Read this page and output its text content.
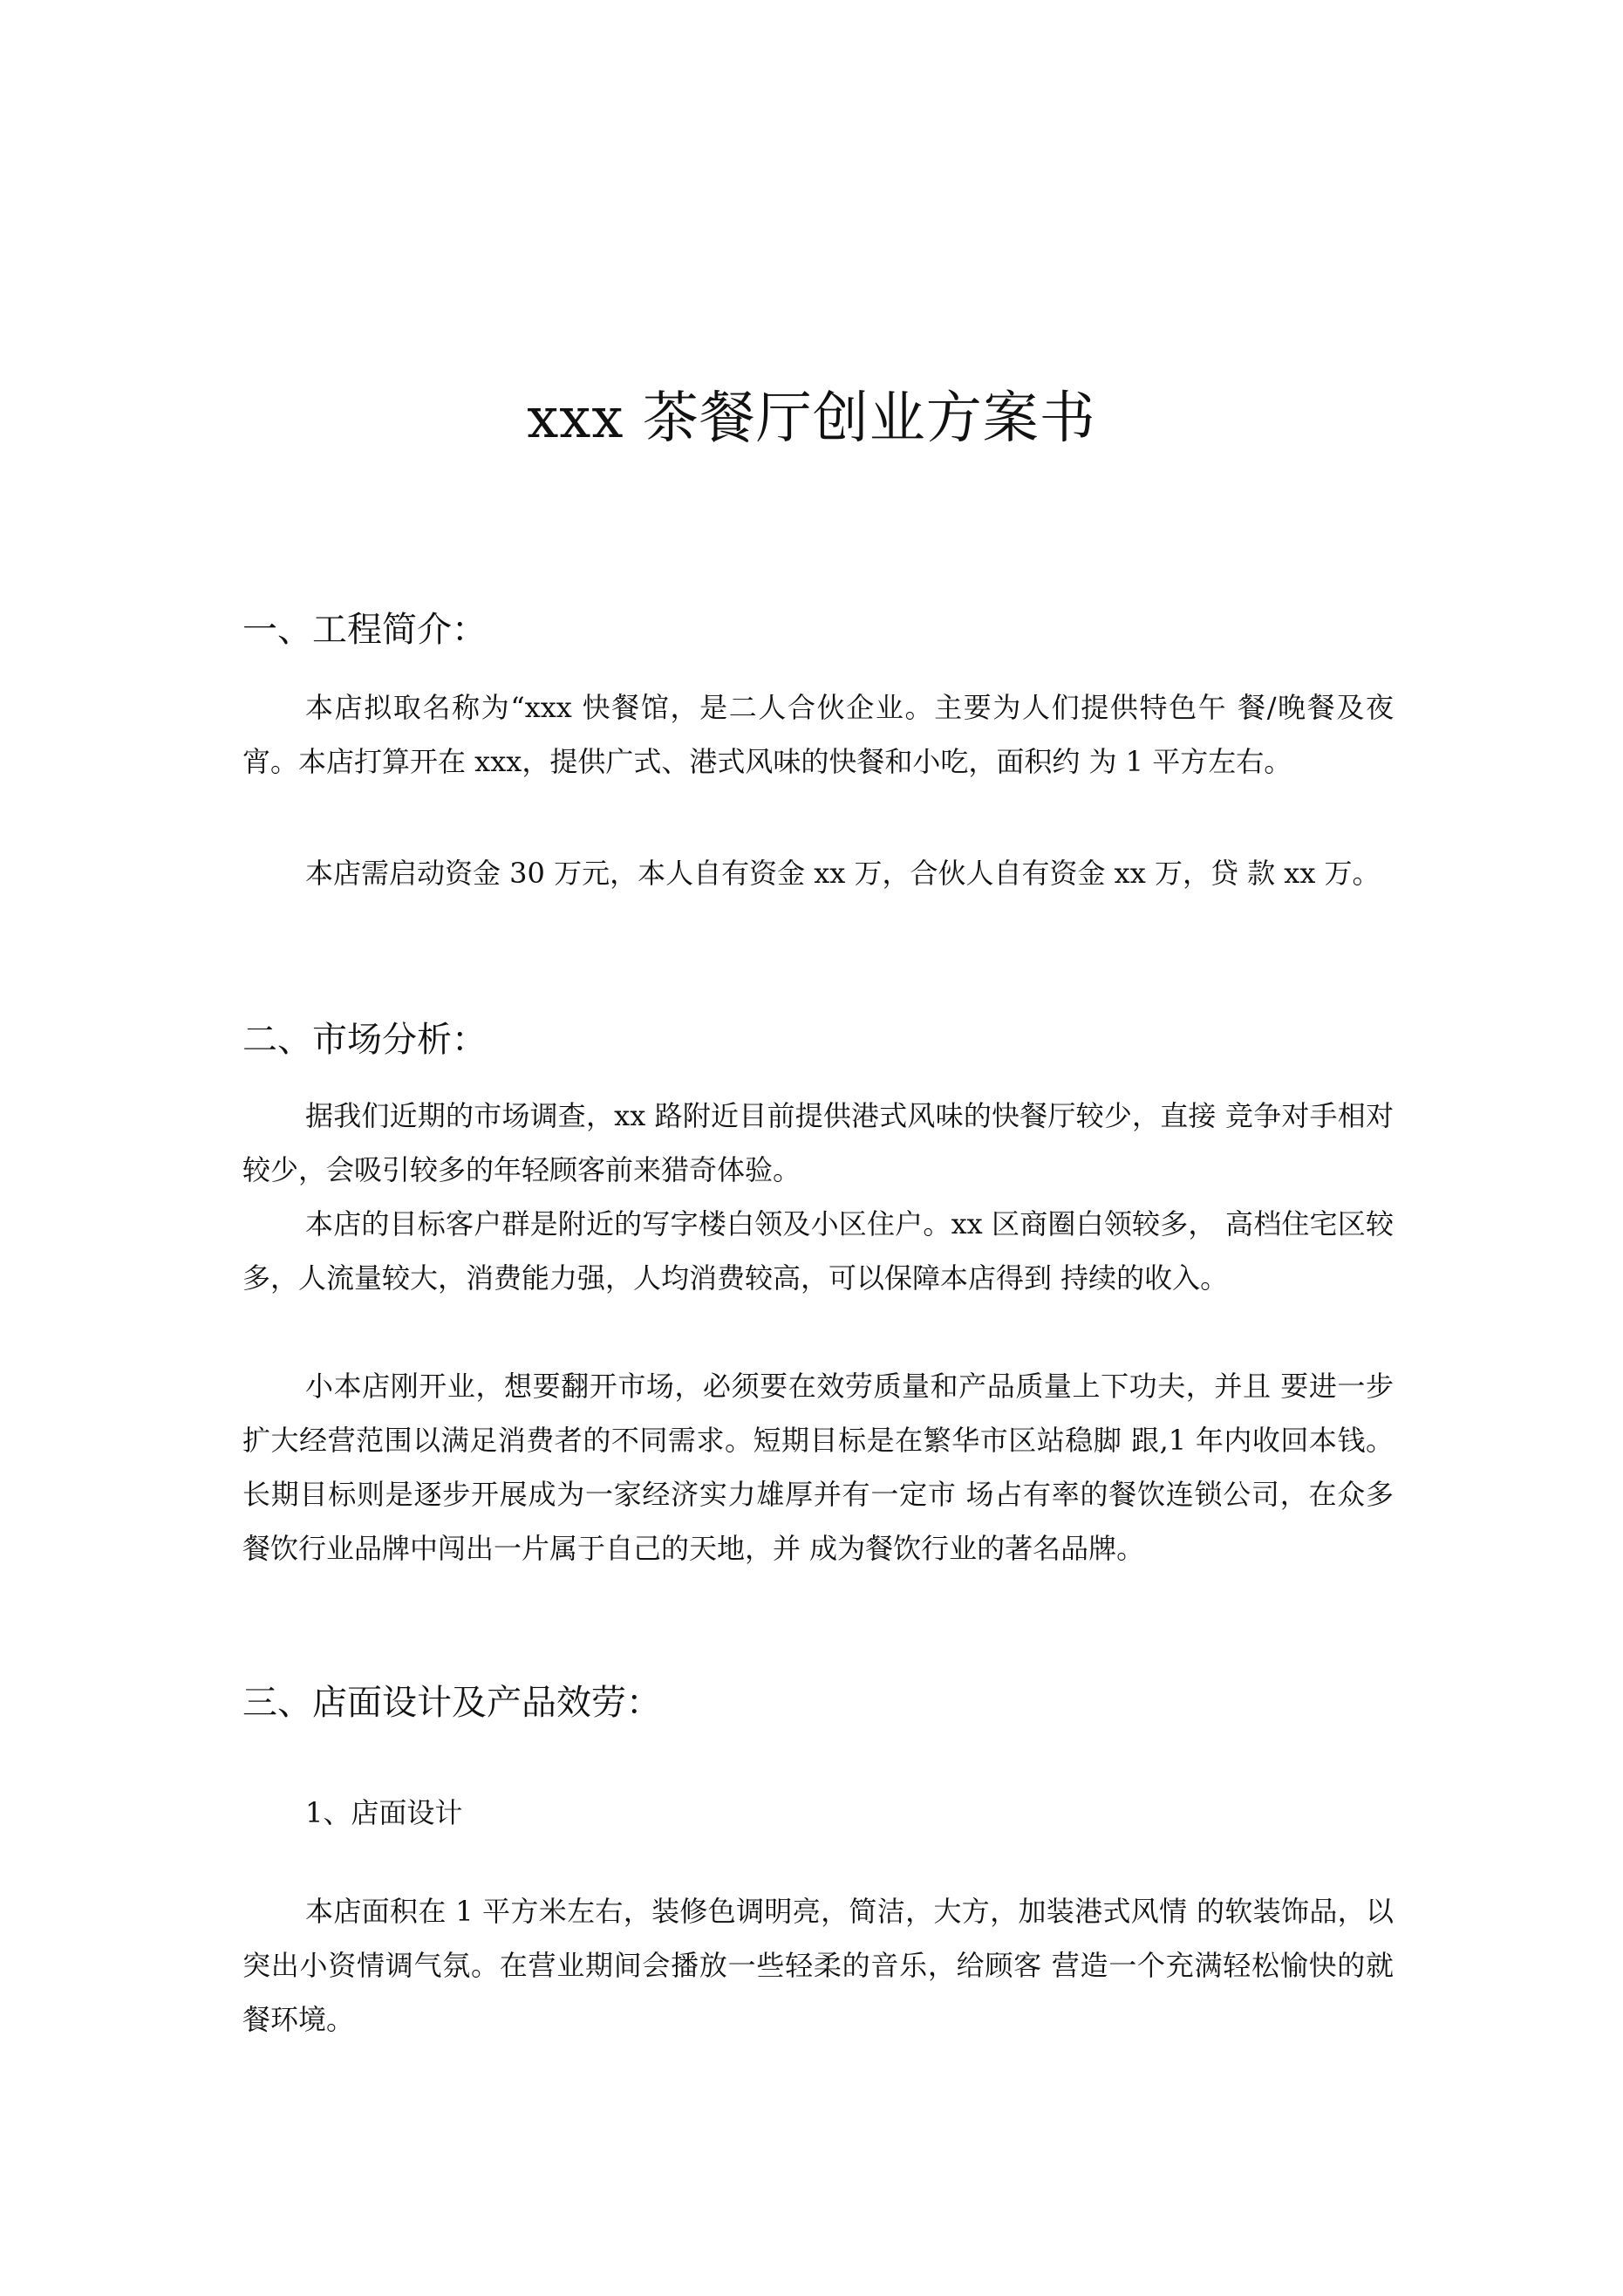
xxx 茶餐厅创业方案书
一、工程简介：

本店拟取名称为“xxx 快餐馆，是二人合伙企业。主要为人们提供特色午 餐/晚餐及夜宵。本店打算开在 xxx，提供广式、港式风味的快餐和小吃，面积约 为 1 平方左右。

本店需启动资金 30 万元，本人自有资金 xx 万，合伙人自有资金 xx 万，贷 款 xx 万。

二、市场分析：

据我们近期的市场调查，xx 路附近目前提供港式风味的快餐厅较少，直接 竞争对手相对较少，会吸引较多的年轻顾客前来猎奇体验。

本店的目标客户群是附近的写字楼白领及小区住户。xx 区商圈白领较多， 高档住宅区较多，人流量较大，消费能力强，人均消费较高，可以保障本店得到 持续的收入。

小本店刚开业，想要翻开市场，必须要在效劳质量和产品质量上下功夫，并且 要进一步扩大经营范围以满足消费者的不同需求。短期目标是在繁华市区站稳脚 跟,1 年内收回本钱。长期目标则是逐步开展成为一家经济实力雄厚并有一定市 场占有率的餐饮连锁公司，在众多餐饮行业品牌中闯出一片属于自己的天地，并 成为餐饮行业的著名品牌。

三、店面设计及产品效劳：
1、店面设计

本店面积在 1 平方米左右，装修色调明亮，简洁，大方，加装港式风情 的软装饰品，以突出小资情调气氛。在营业期间会播放一些轻柔的音乐，给顾客 营造一个充满轻松愉快的就餐环境。
